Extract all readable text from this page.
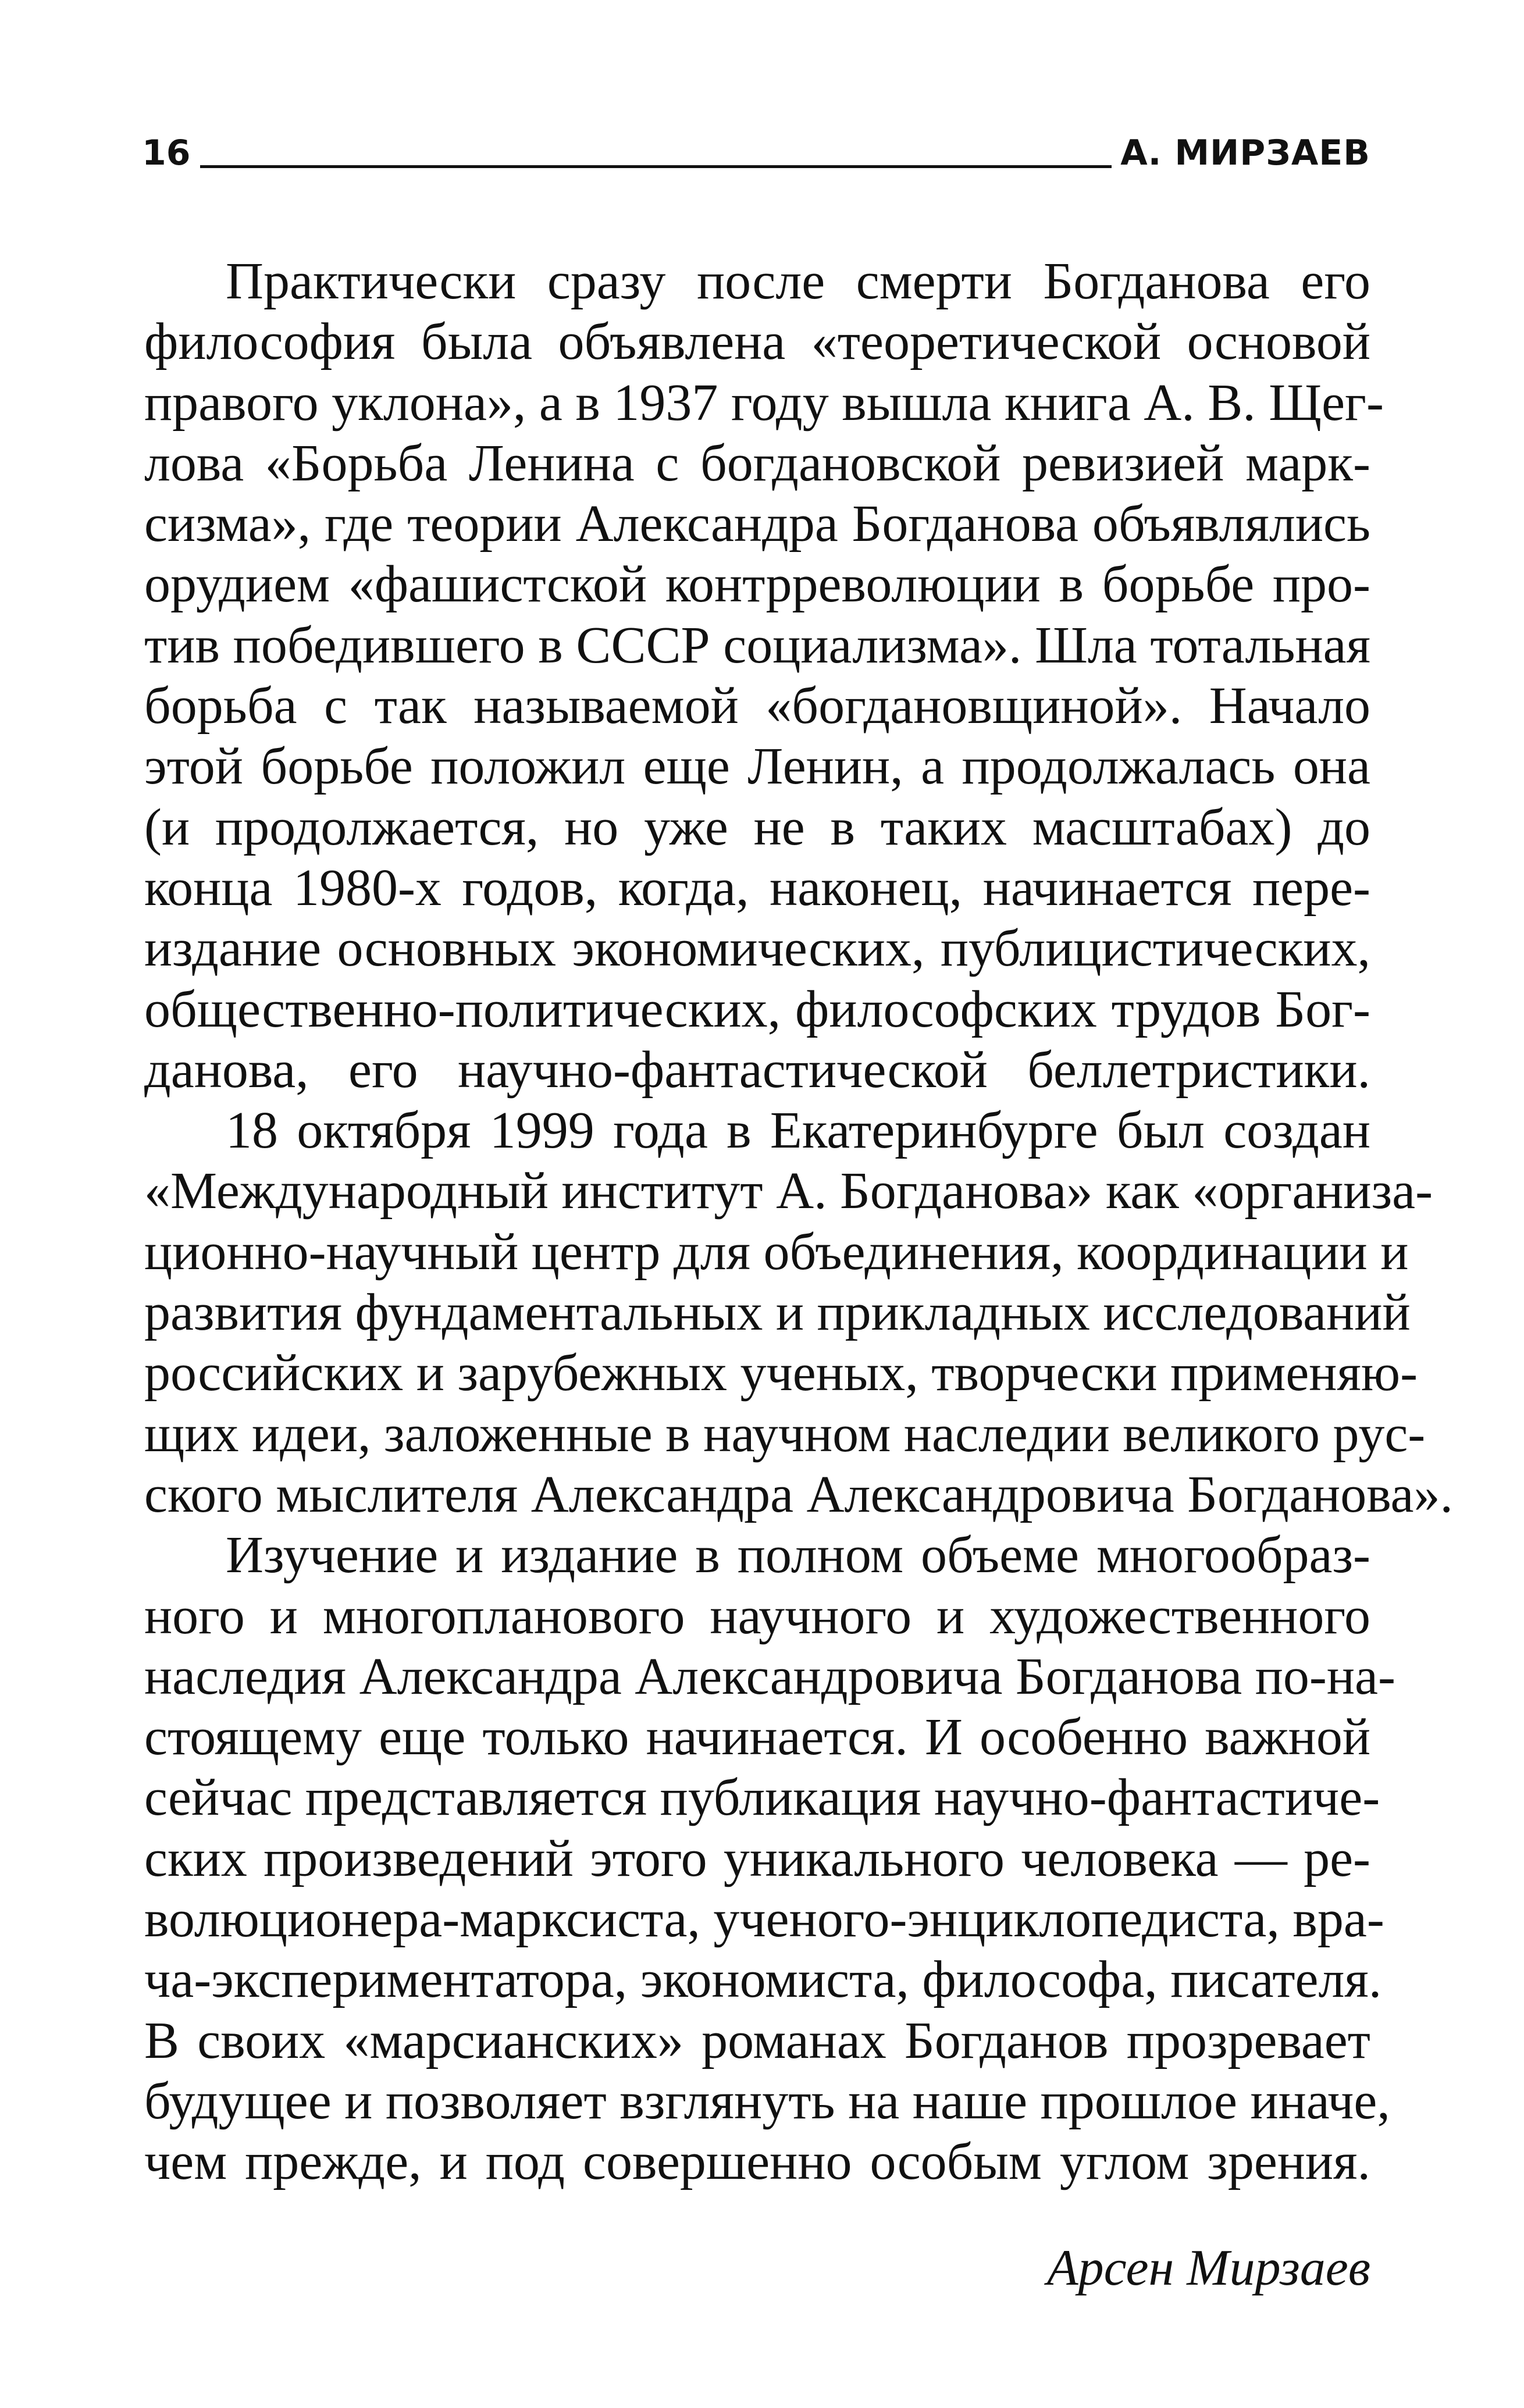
16	А. МИРЗАЕВ
Практически сразу после смерти Богданова его
философия была объявлена «теоретической основой
правого уклона», а в 1937 году вышла книга А. В. Щег-
лова «Борьба Ленина с богдановской ревизией марк-
сизма», где теории Александра Богданова объявлялись
орудием «фашистской контрреволюции в борьбе про-
тив победившего в СССР социализма». Шла тотальная
борьба с так называемой «богдановщиной». Начало
этой борьбе положил еще Ленин, а продолжалась она
(и продолжается, но уже не в таких масштабах) до
конца 1980-х годов, когда, наконец, начинается пере-
издание основных экономических, публицистических,
общественно-политических, философских трудов Бог-
данова, его научно-фантастической беллетристики.
18 октября 1999 года в Екатеринбурге был создан
«Международный институт А. Богданова» как «организа-
ционно-научный центр для объединения, координации и
развития фундаментальных и прикладных исследований
российских и зарубежных ученых, творчески применяю-
щих идеи, заложенные в научном наследии великого рус-
ского мыслителя Александра Александровича Богданова».
Изучение и издание в полном объеме многообраз-
ного и многопланового научного и художественного
наследия Александра Александровича Богданова по-на-
стоящему еще только начинается. И особенно важной
сейчас представляется публикация научно-фантастиче-
ских произведений этого уникального человека — ре-
волюционера-марксиста, ученого-энциклопедиста, вра-
ча-экспериментатора, экономиста, философа, писателя.
В своих «марсианских» романах Богданов прозревает
будущее и позволяет взглянуть на наше прошлое иначе,
чем прежде, и под совершенно особым углом зрения.
Арсен Мирзаев
